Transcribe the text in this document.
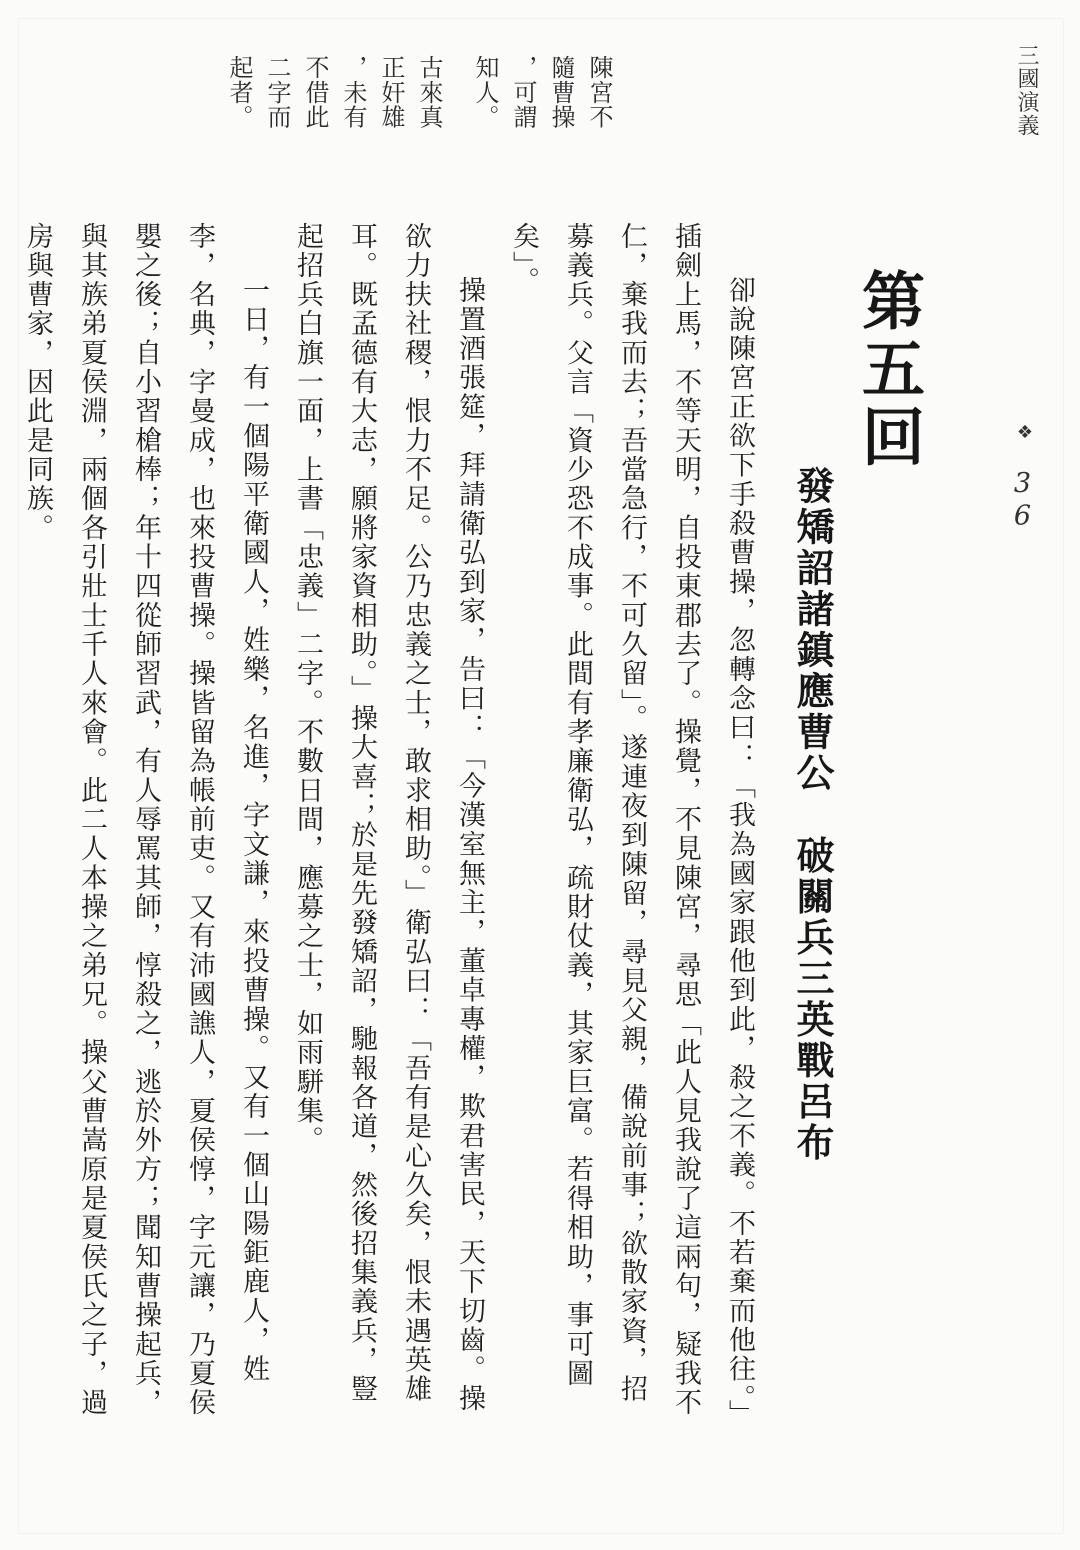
三國演義
❖
36
第五回
發矯詔諸鎮應曹公　破關兵三英戰呂布

卻說陳宮正欲下手殺曹操，忽轉念曰：「我為國家跟他到此，殺之不義。不若棄而他往。」插劍上馬，不等天明，自投東郡去了。操覺，不見陳宮，尋思「此人見我說了這兩句，疑我不仁，棄我而去；吾當急行，不可久留」。遂連夜到陳留，尋見父親，備說前事；欲散家資，招募義兵。父言「資少恐不成事。此間有孝廉衛弘，疏財仗義，其家巨富。若得相助，事可圖矣」。

操置酒張筵，拜請衛弘到家，告曰：「今漢室無主，董卓專權，欺君害民，天下切齒。操欲力扶社稷，恨力不足。公乃忠義之士，敢求相助。」衛弘曰：「吾有是心久矣，恨未遇英雄耳。既孟德有大志，願將家資相助。」操大喜；於是先發矯詔，馳報各道，然後招集義兵，豎起招兵白旗一面，上書「忠義」二字。不數日間，應募之士，如雨駢集。

一日，有一個陽平衛國人，姓樂，名進，字文謙，來投曹操。又有一個山陽鉅鹿人，姓李，名典，字曼成，也來投曹操。操皆留為帳前吏。又有沛國譙人，夏侯惇，字元讓，乃夏侯嬰之後；自小習槍棒；年十四從師習武，有人辱罵其師，惇殺之，逃於外方；聞知曹操起兵，與其族弟夏侯淵，兩個各引壯士千人來會。此二人本操之弟兄。操父曹嵩原是夏侯氏之子，過房與曹家，因此是同族。

陳宮不
隨曹操
，可謂
知人。
古來真
正奸雄
，未有
不借此
二字而
起者。
